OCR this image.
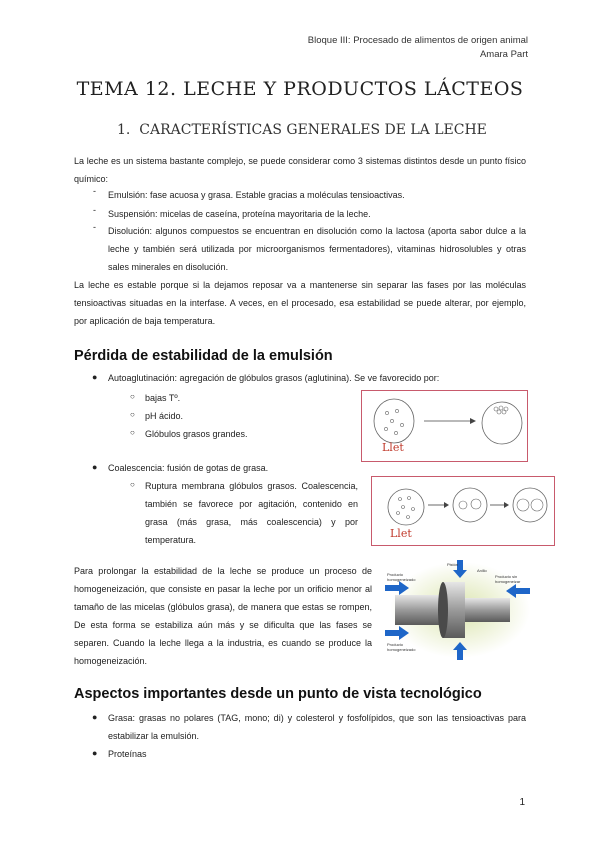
Bloque III: Procesado de alimentos de origen animal
Amara Part
TEMA 12. LECHE Y PRODUCTOS LÁCTEOS
1. CARACTERÍSTICAS GENERALES DE LA LECHE
La leche es un sistema bastante complejo, se puede considerar como 3 sistemas distintos desde un punto físico químico:
- Emulsión: fase acuosa y grasa. Estable gracias a moléculas tensioactivas.
- Suspensión: micelas de caseína, proteína mayoritaria de la leche.
- Disolución: algunos compuestos se encuentran en disolución como la lactosa (aporta sabor dulce a la leche y también será utilizada por microorganismos fermentadores), vitaminas hidrosolubles y otras sales minerales en disolución.
La leche es estable porque si la dejamos reposar va a mantenerse sin separar las fases por las moléculas tensioactivas situadas en la interfase. A veces, en el procesado, esa estabilidad se puede alterar, por ejemplo, por aplicación de baja temperatura.
Pérdida de estabilidad de la emulsión
● Autoaglutinación: agregación de glóbulos grasos (aglutinina). Se ve favorecido por:
○ bajas Tº.
○ pH ácido.
○ Glóbulos grasos grandes.
Llet
● Coalescencia: fusión de gotas de grasa.
○ Ruptura membrana glóbulos grasos. Coalescencia, también se favorece por agitación, contenido en grasa (más grasa, más coalescencia) y por temperatura.	Llet
Para prolongar la estabilidad de la leche se produce un proceso de homogeneización, que consiste en pasar la leche por un orificio menor al tamaño de las micelas (glóbulos grasa), de manera que estas se rompen, De esta forma se estabiliza aún más y se dificulta que las fases se separen. Cuando la leche llega a la industria, es cuando se produce la homogeneización.
Pistón
Anillo
Producto homogeneizado
Producto sin homogeneizar
Producto homogeneizado
Aspectos importantes desde un punto de vista tecnológico
● Grasa: grasas no polares (TAG, mono; di) y colesterol y fosfolípidos, que son las tensioactivas para estabilizar la emulsión.
● Proteínas
1
